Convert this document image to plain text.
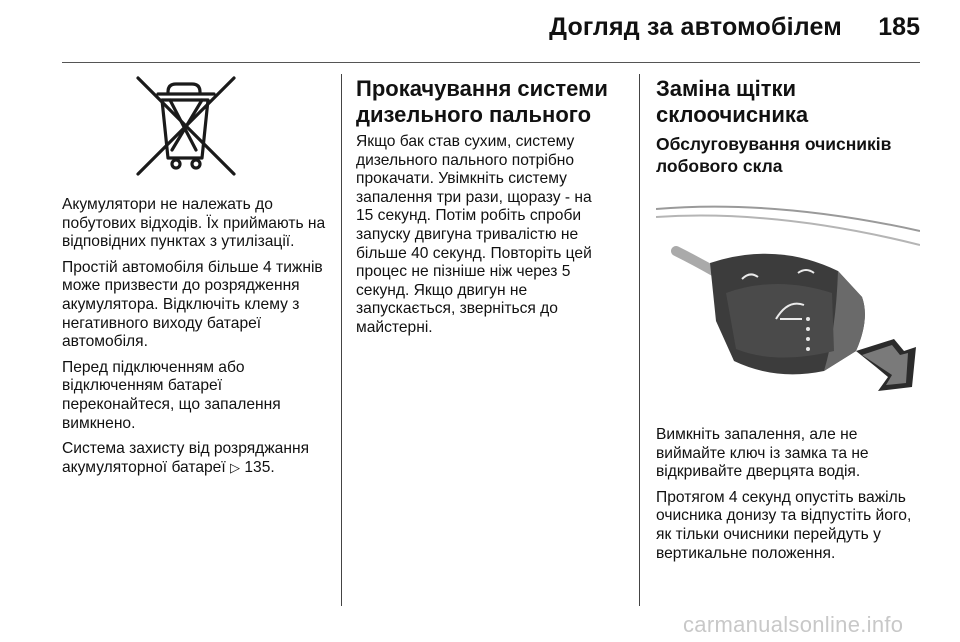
Догляд за автомобілем 185

Акумулятори не належать до побутових відходів. Їх приймають на відповідних пунктах з утилізації.

Простій автомобіля більше 4 тижнів може призвести до розрядження акумулятора. Відключіть клему з негативного виходу батареї автомобіля.

Перед підключенням або відключенням батареї переконайтеся, що запалення вимкнено.

Система захисту від розряджання акумуляторної батареї ▷ 135.

Прокачування системи дизельного пального

Якщо бак став сухим, систему дизельного пального потрібно прокачати. Увімкніть систему запалення три рази, щоразу - на 15 секунд. Потім робіть спроби запуску двигуна тривалістю не більше 40 секунд. Повторіть цей процес не пізніше ніж через 5 секунд. Якщо двигун не запускається, зверніться до майстерні.

Заміна щітки склоочисника
Обслуговування очисників лобового скла

Вимкніть запалення, але не виймайте ключ із замка та не відкривайте дверцята водія.

Протягом 4 секунд опустіть важіль очисника донизу та відпустіть його, як тільки очисники перейдуть у вертикальне положення.

carmanualsonline.info
